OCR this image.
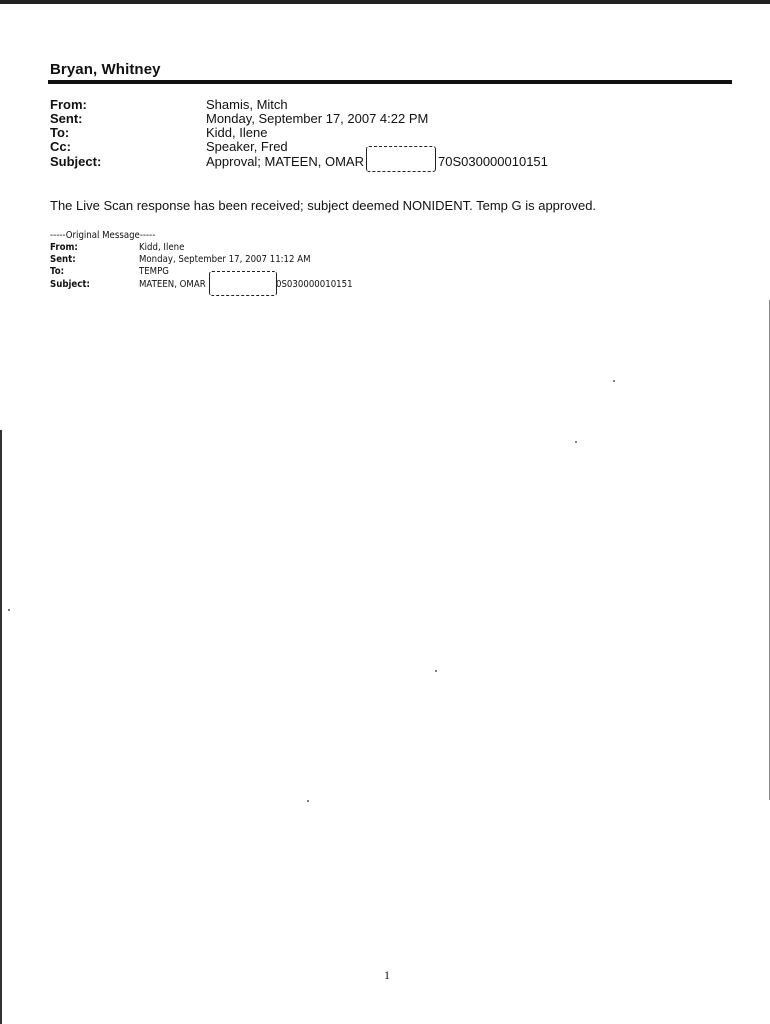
Bryan, Whitney
From:	Shamis, Mitch
Sent:	Monday, September 17, 2007 4:22 PM
To:	Kidd, Ilene
Cc:	Speaker, Fred
Subject:	Approval; MATEEN, OMAR	70S030000010151
The Live Scan response has been received; subject deemed NONIDENT. Temp G is approved.
-----Original Message-----
From:	Kidd, Ilene
Sent:	Monday, September 17, 2007 11:12 AM
To:	TEMPG
Subject:	MATEEN, OMAR	0S030000010151
1
